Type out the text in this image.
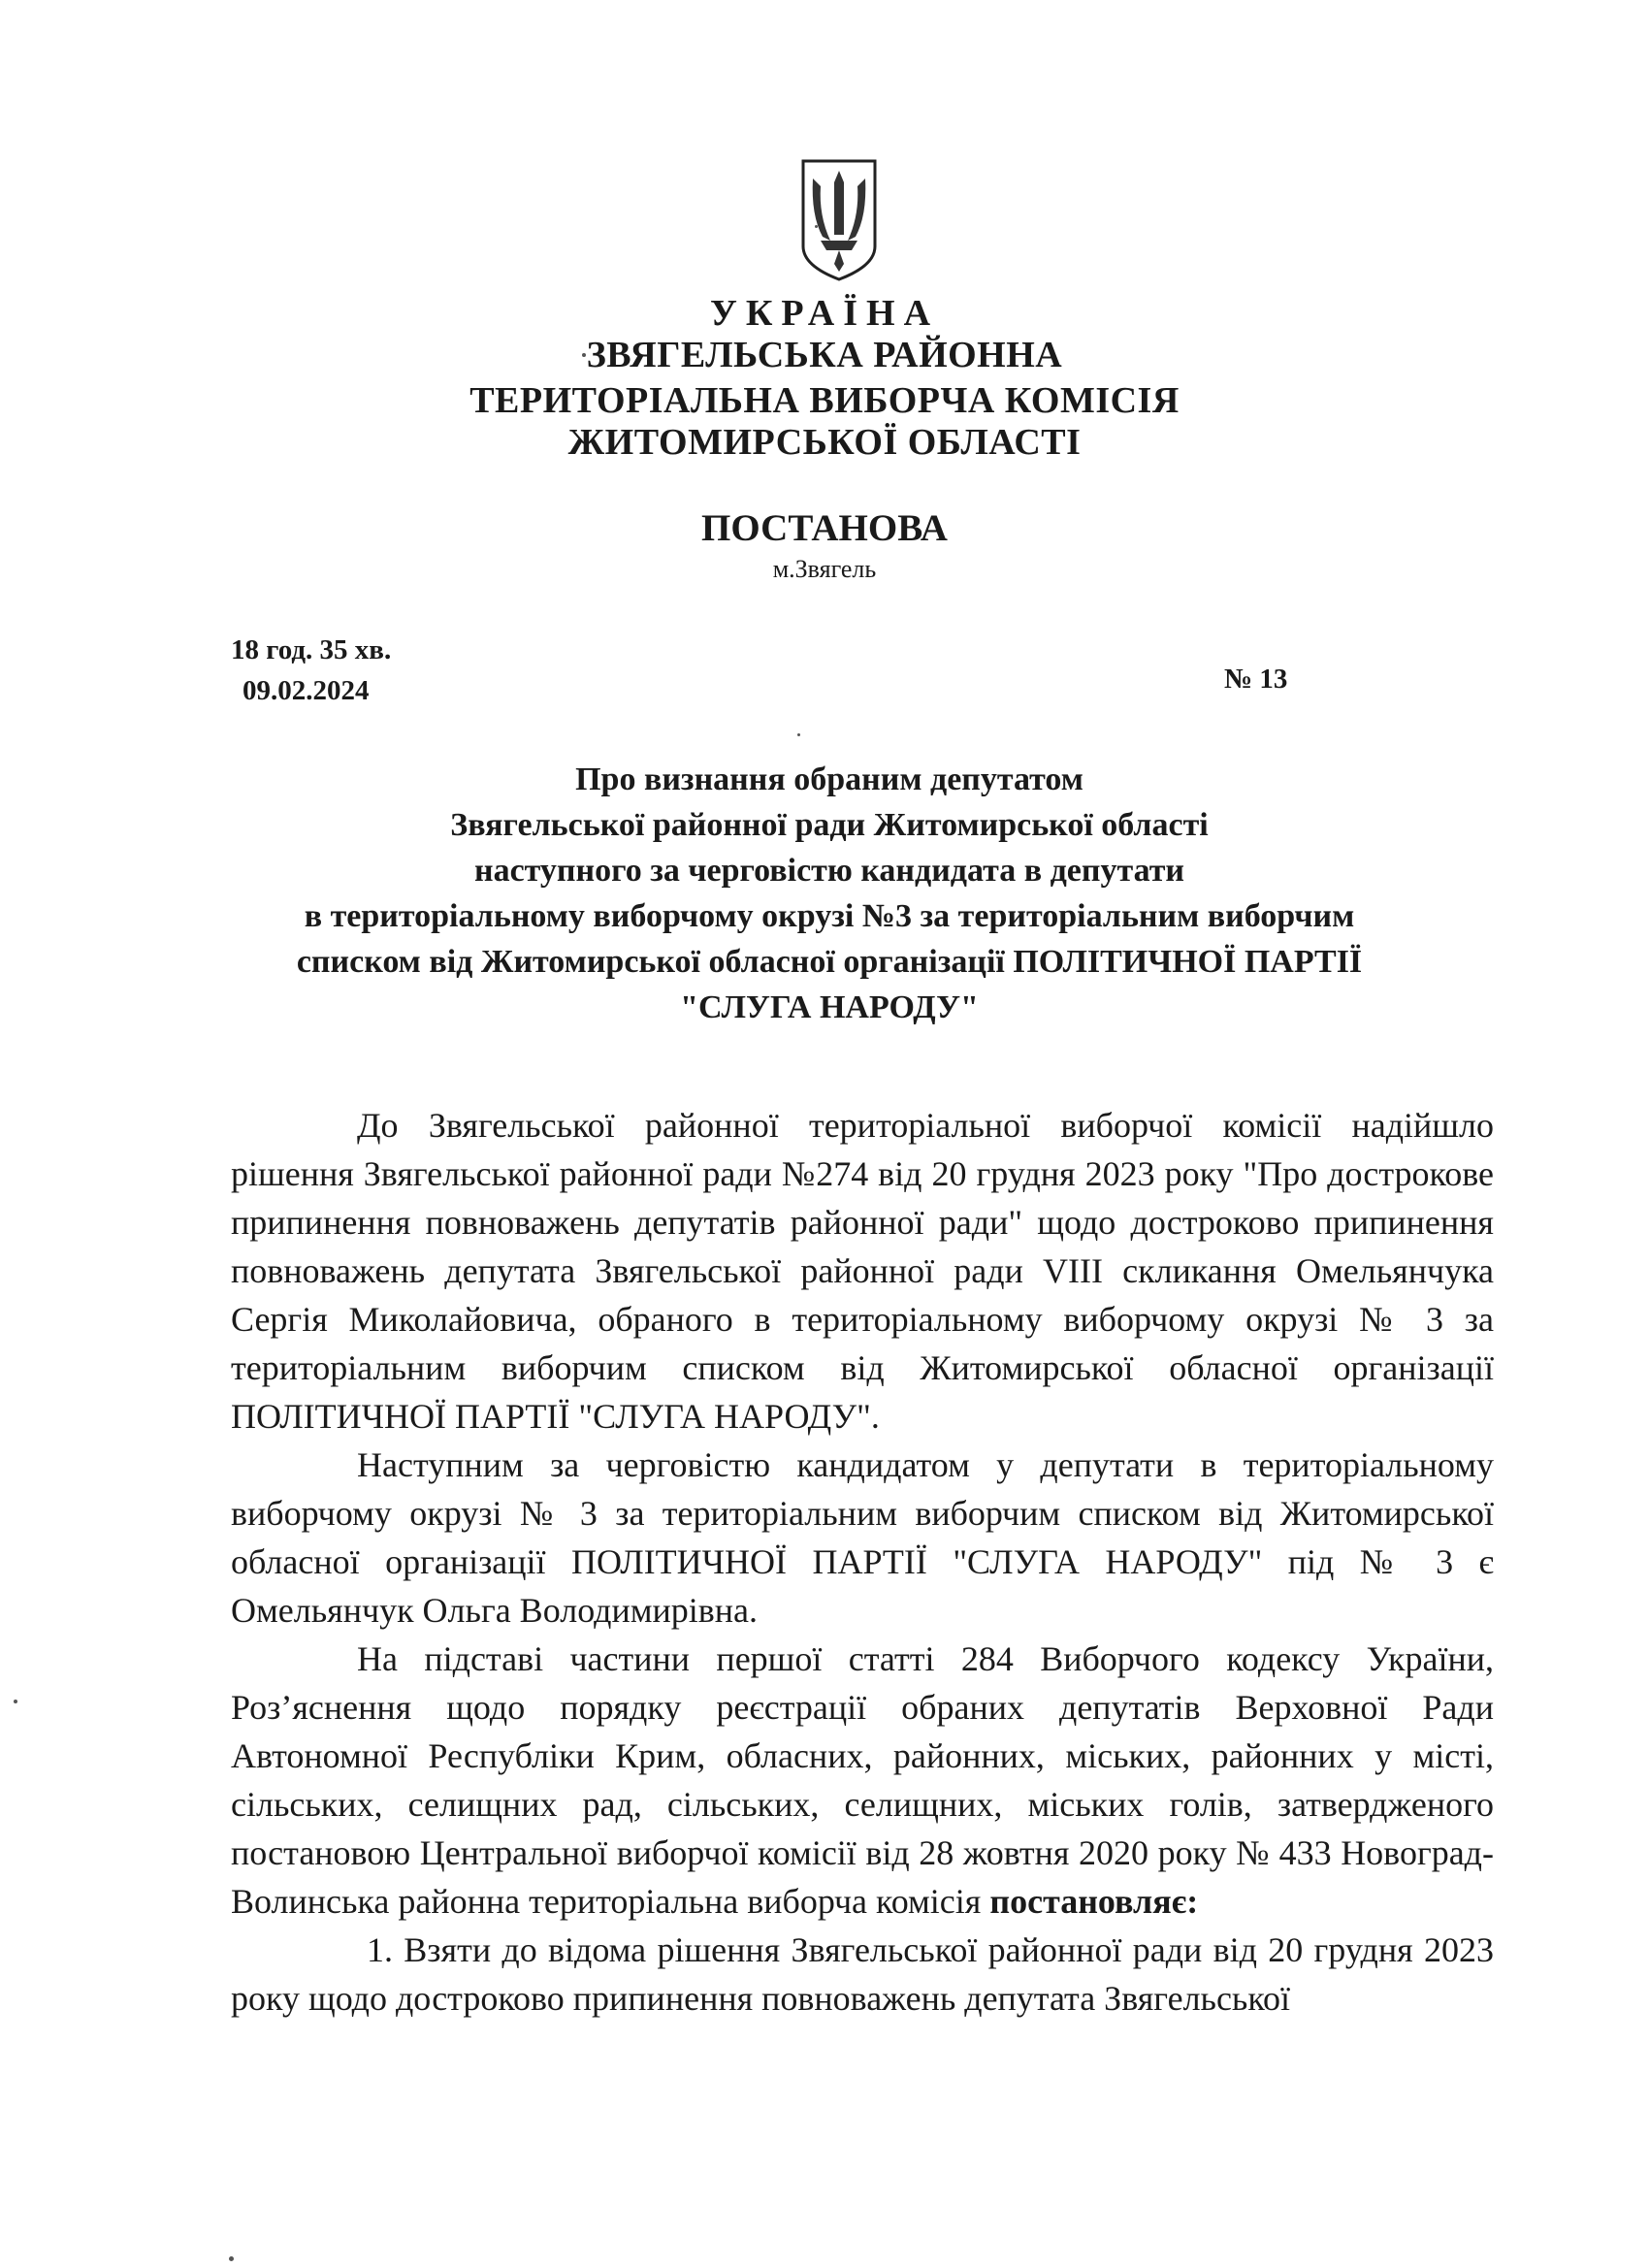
УКРАЇНА
ЗВЯГЕЛЬСЬКА РАЙОННА
ТЕРИТОРІАЛЬНА ВИБОРЧА КОМІСІЯ
ЖИТОМИРСЬКОЇ ОБЛАСТІ
ПОСТАНОВА
м.Звягель
18 год. 35 хв.
09.02.2024	№ 13
Про визнання обраним депутатом
Звягельської районної ради Житомирської області
наступного за черговістю кандидата в депутати
в територіальному виборчому окрузі №3 за територіальним виборчим
списком від Житомирської обласної організації ПОЛІТИЧНОЇ ПАРТІЇ
"СЛУГА НАРОДУ"

До Звягельської районної територіальної виборчої комісії надійшло рішення Звягельської районної ради №274 від 20 грудня 2023 року "Про дострокове припинення повноважень депутатів районної ради" щодо достроково припинення повноважень депутата Звягельської районної ради VIII скликання Омельянчука Сергія Миколайовича, обраного в територіальному виборчому окрузі № 3 за територіальним виборчим списком від Житомирської обласної організації ПОЛІТИЧНОЇ ПАРТІЇ "СЛУГА НАРОДУ".

Наступним за черговістю кандидатом у депутати в територіальному виборчому окрузі № 3 за територіальним виборчим списком від Житомирської обласної організації ПОЛІТИЧНОЇ ПАРТІЇ "СЛУГА НАРОДУ" під № 3 є Омельянчук Ольга Володимирівна.

На підставі частини першої статті 284 Виборчого кодексу України, Роз’яснення щодо порядку реєстрації обраних депутатів Верховної Ради Автономної Республіки Крим, обласних, районних, міських, районних у місті, сільських, селищних рад, сільських, селищних, міських голів, затвердженого постановою Центральної виборчої комісії від 28 жовтня 2020 року № 433 Новоград-Волинська районна територіальна виборча комісія постановляє:

1. Взяти до відома рішення Звягельської районної ради від 20 грудня 2023 року щодо достроково припинення повноважень депутата Звягельської
